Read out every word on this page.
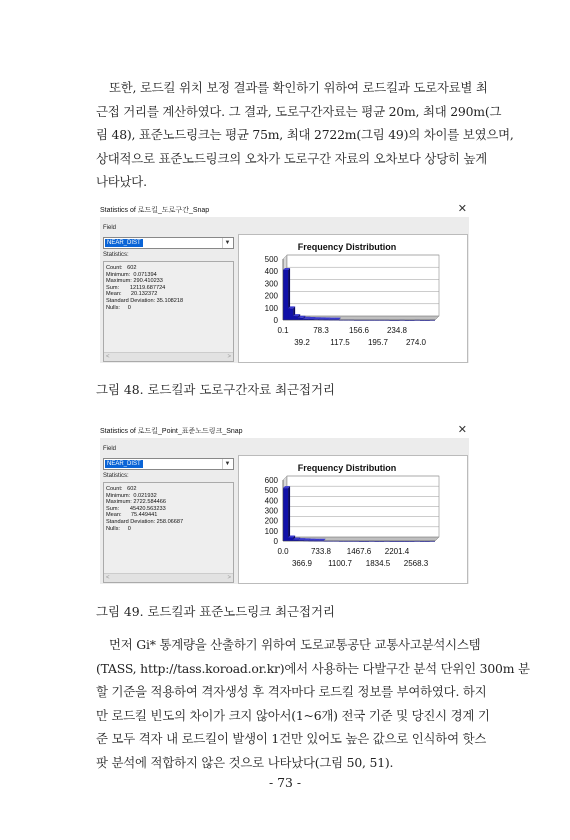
또한, 로드킬 위치 보정 결과를 확인하기 위하여 로드킬과 도로자료별 최
근접 거리를 계산하였다. 그 결과, 도로구간자료는 평균 20m, 최대 290m(그
림 48), 표준노드링크는 평균 75m, 최대 2722m(그림 49)의 차이를 보였으며,
상대적으로 표준노드링크의 오차가 도로구간 자료의 오차보다 상당히 높게
나타났다.
Statistics of 로드킬_도로구간_Snap	✕
Field
NEAR_DIST	▼
Statistics:
Count:   602
Minimum:  0.071394
Maximum: 290.410233
Sum:       12119.687724
Mean:      20.132372
Standard Deviation: 35.108218
Nulls:     0
<	>
Frequency Distribution
500
400
300
200
100
0
0.1	78.3	156.6 234.8
39.2	117.5 195.7 274.0
그림 48. 로드킬과 도로구간자료 최근접거리
Statistics of 로드킬_Point_표준노드링크_Snap	✕
Field
NEAR_DIST	▼
Statistics:
Count:   602
Minimum:  0.021932
Maximum: 2722.584466
Sum:       45420.563233
Mean:      75.449441
Standard Deviation: 258.06687
Nulls:     0
<	>
Frequency Distribution
600
500
400
300
200
100
0
0.0	733.8 1467.6 2201.4
366.9 1100.7 1834.5 2568.3
그림 49. 로드킬과 표준노드링크 최근접거리
먼저 Gi* 통계량을 산출하기 위하여 도로교통공단 교통사고분석시스템
(TASS, http://tass.koroad.or.kr)에서 사용하는 다발구간 분석 단위인 300m 분
할 기준을 적용하여 격자생성 후 격자마다 로드킬 정보를 부여하였다. 하지
만 로드킬 빈도의 차이가 크지 않아서(1~6개) 전국 기준 및 당진시 경계 기
준 모두 격자 내 로드킬이 발생이 1건만 있어도 높은 값으로 인식하여 핫스
팟 분석에 적합하지 않은 것으로 나타났다(그림 50, 51).
- 73 -
